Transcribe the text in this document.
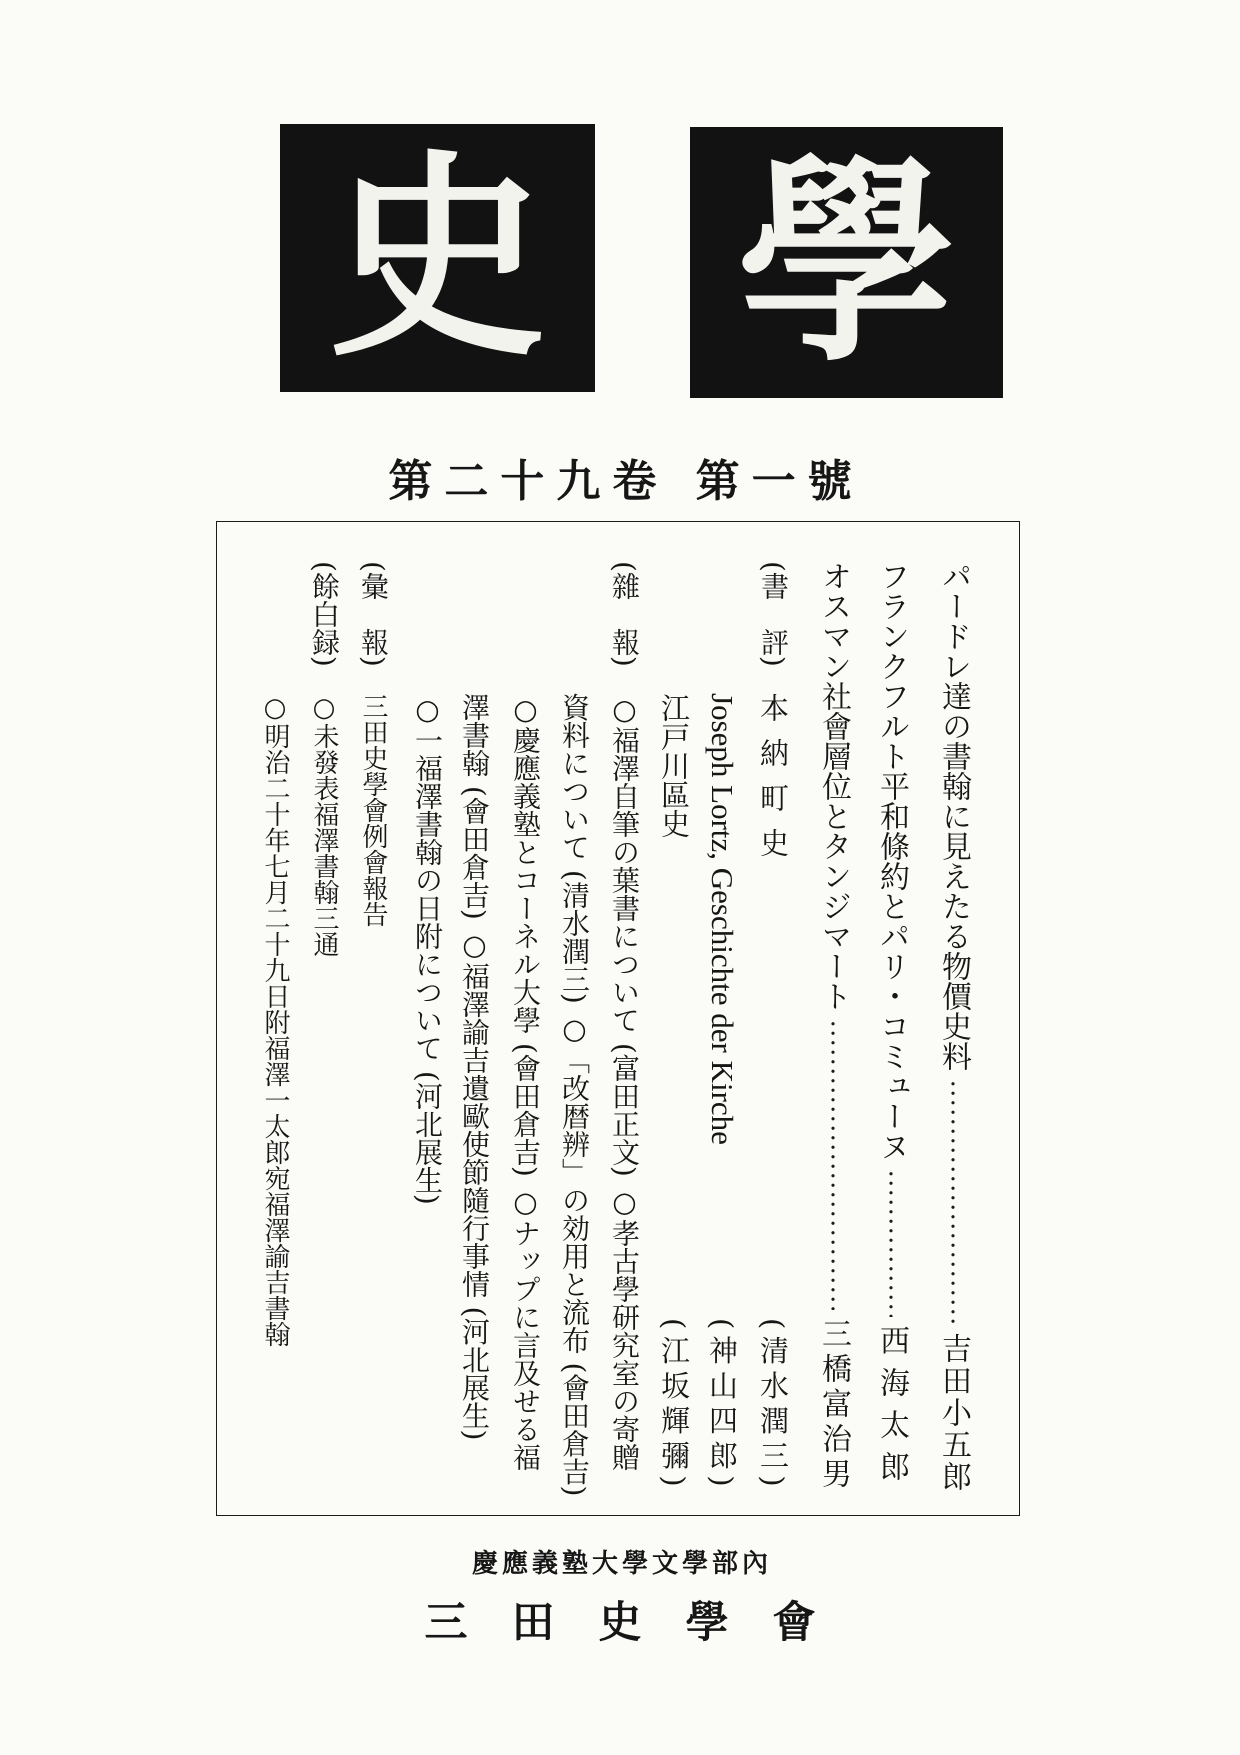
史 學
第二十九卷 第一號
パードレ達の書翰に見えたる物價史料
吉田小五郎
フランクフルト平和條約とパリ・コミューヌ
西海太郎
オスマン社會層位とタンジマート
三橋富治男
(書　評)
本納町史
(清水潤三)
Joseph Lortz, Geschichte der Kirche
(神山四郎)
江戸川區史
(江坂輝彌)
(雜　報)
○福澤自筆の葉書について (富田正文) ○孝古學研究室の寄贈
資料について (清水潤三) ○「改暦辨」の効用と流布 (會田倉吉)
○慶應義塾とコーネル大學 (會田倉吉) ○ナップに言及せる福
澤書翰 (會田倉吉) ○福澤諭吉遺歐使節隨行事情 (河北展生)
○一福澤書翰の日附について (河北展生)
(彙　報)
三田史學會例會報告
(餘白録)
○未發表福澤書翰三通
○明治二十年七月二十九日附福澤一太郎宛福澤諭吉書翰
慶應義塾大學文學部內
三田史學會
